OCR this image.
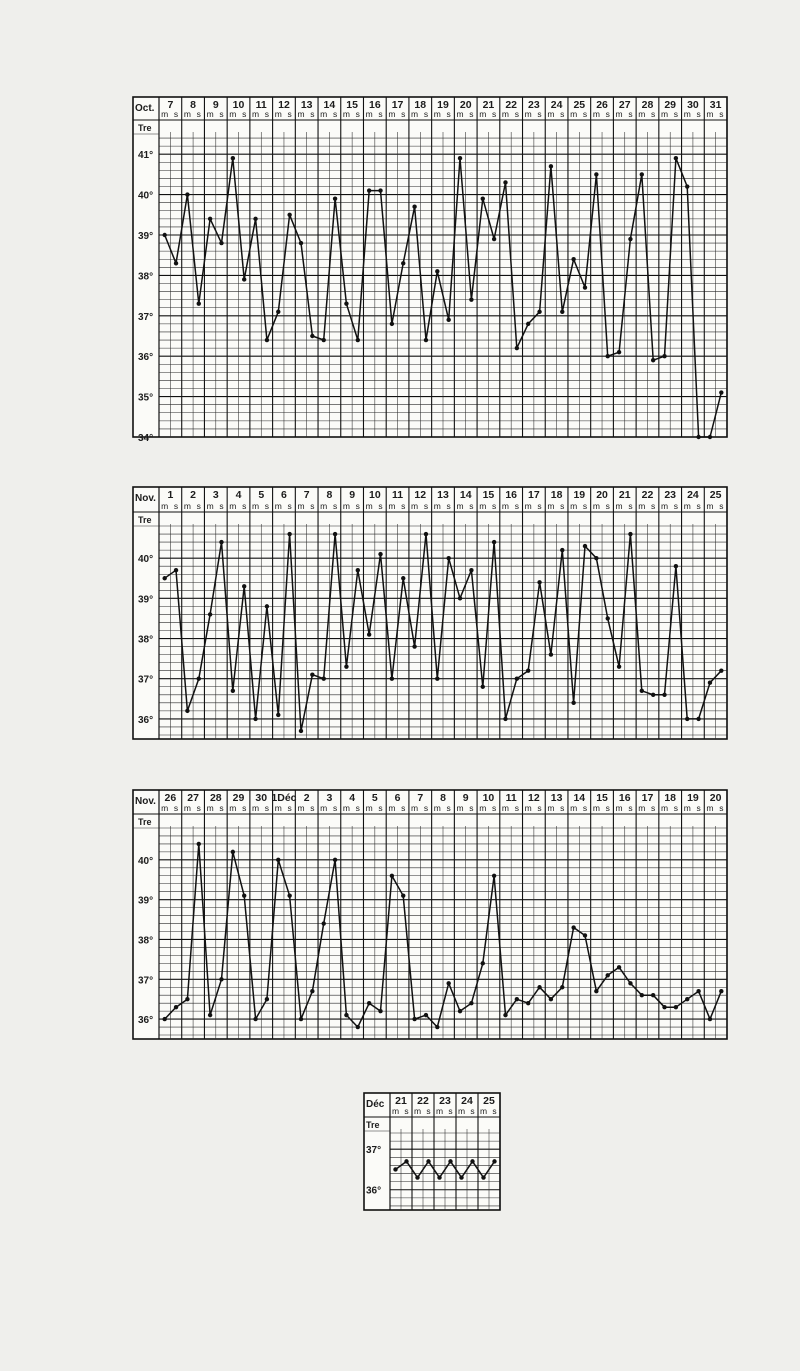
Oct.
Tre
7
m s
8
m s
9
m s
10
m s
11
m s
12
m s
13
m s
14
m s
15
m s
16
m s
17
m s
18
m s
19
m s
20
m s
21
m s
22
m s
23
m s
24
m s
25
m s
26
m s
27
m s
28
m s
29
m s
30
m s
31
m s
41°
40°
39°
38°
37°
36°
35°
34°
Nov.
Tre
1
m s
2
m s
3
m s
4
m s
5
m s
6
m s
7
m s
8
m s
9
m s
10
m s
11
m s
12
m s
13
m s
14
m s
15
m s
16
m s
17
m s
18
m s
19
m s
20
m s
21
m s
22
m s
23
m s
24
m s
25
m s
40°
39°
38°
37°
36°
Nov.
Tre
26
m s
27
m s
28
m s
29
m s
30
m s
1Déc
m s
2
m s
3
m s
4
m s
5
m s
6
m s
7
m s
8
m s
9
m s
10
m s
11
m s
12
m s
13
m s
14
m s
15
m s
16
m s
17
m s
18
m s
19
m s
20
m s
40°
39°
38°
37°
36°
Déc
Tre
21
m s
22
m s
23
m s
24
m s
25
m s
37°
36°
